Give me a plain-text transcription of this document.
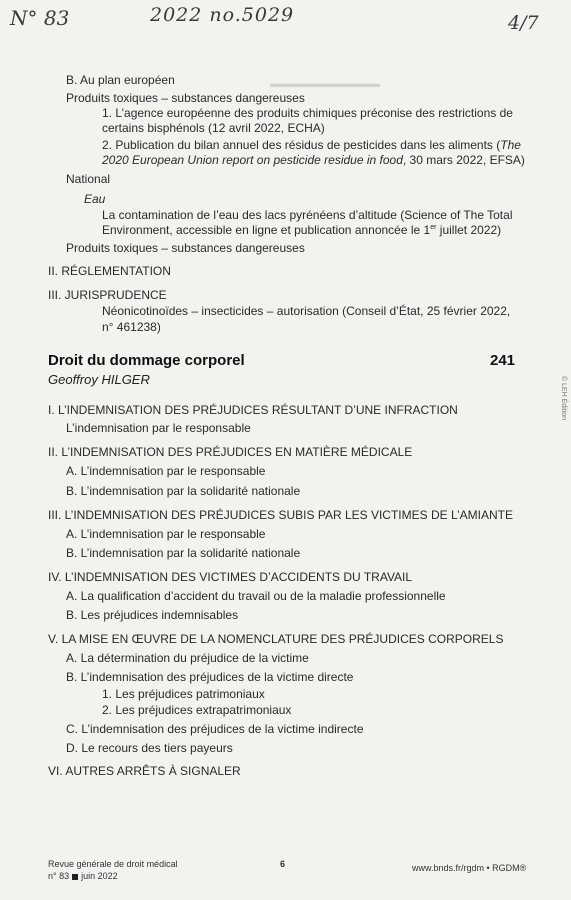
N° 83	2022 no.5029	4/7
▬▬▬▬▬▬▬▬▬▬
B. Au plan européen
Produits toxiques – substances dangereuses
1. L’agence européenne des produits chimiques préconise des restrictions de
certains bisphénols (12 avril 2022, ECHA)
2. Publication du bilan annuel des résidus de pesticides dans les aliments (The
2020 European Union report on pesticide residue in food, 30 mars 2022, EFSA)
National
Eau
La contamination de l’eau des lacs pyrénéens d’altitude (Science of The Total
Environment, accessible en ligne et publication annoncée le 1er juillet 2022)
Produits toxiques – substances dangereuses
II. RÉGLEMENTATION
III. JURISPRUDENCE
Néonicotinoïdes – insecticides – autorisation (Conseil d’État, 25 février 2022,
n° 461238)
Droit du dommage corporel	241
Geoffroy HILGER
I. L’INDEMNISATION DES PRÉJUDICES RÉSULTANT D’UNE INFRACTION
L’indemnisation par le responsable
II. L’INDEMNISATION DES PRÉJUDICES EN MATIÈRE MÉDICALE
A. L’indemnisation par le responsable
B. L’indemnisation par la solidarité nationale
III. L’INDEMNISATION DES PRÉJUDICES SUBIS PAR LES VICTIMES DE L’AMIANTE
A. L’indemnisation par le responsable
B. L’indemnisation par la solidarité nationale
IV. L’INDEMNISATION DES VICTIMES D’ACCIDENTS DU TRAVAIL
A. La qualification d’accident du travail ou de la maladie professionnelle
B. Les préjudices indemnisables
V. LA MISE EN ŒUVRE DE LA NOMENCLATURE DES PRÉJUDICES CORPORELS
A. La détermination du préjudice de la victime
B. L’indemnisation des préjudices de la victime directe
1. Les préjudices patrimoniaux
2. Les préjudices extrapatrimoniaux
C. L’indemnisation des préjudices de la victime indirecte
D. Le recours des tiers payeurs
VI. AUTRES ARRÊTS À SIGNALER
© LEH Édition
Revue générale de droit médical
n° 83 juin 2022
6	www.bnds.fr/rgdm • RGDM®
